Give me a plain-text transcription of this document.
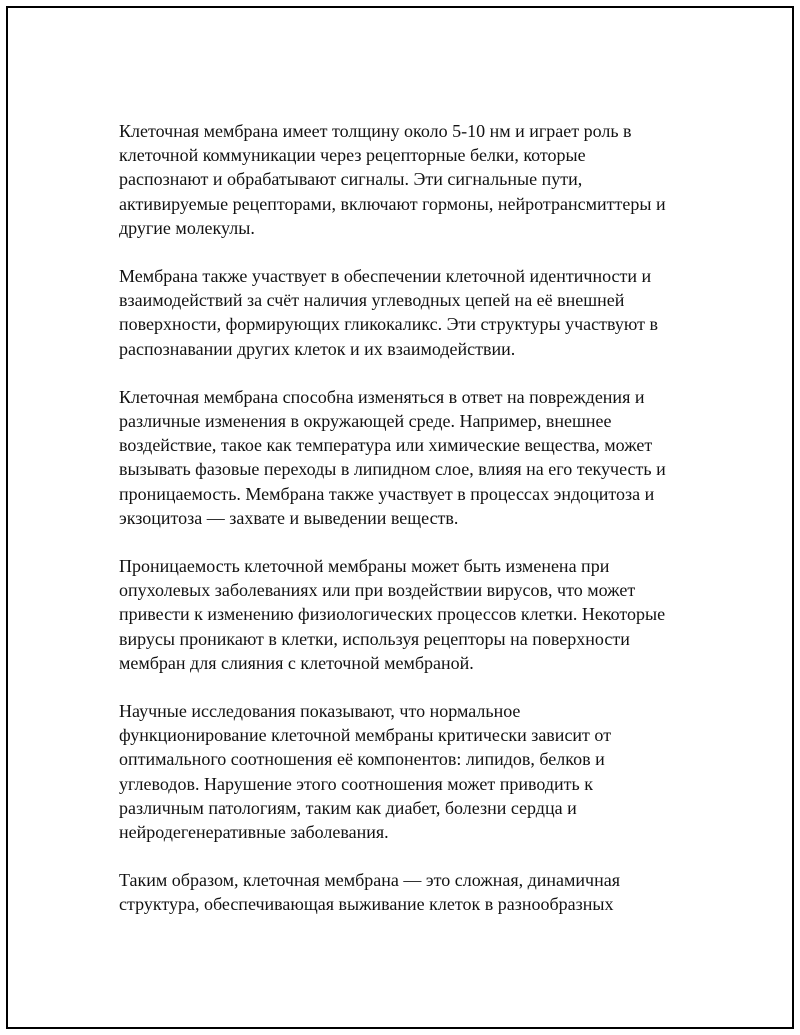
Клеточная мембрана имеет толщину около 5-10 нм и играет роль в
клеточной коммуникации через рецепторные белки, которые
распознают и обрабатывают сигналы. Эти сигнальные пути,
активируемые рецепторами, включают гормоны, нейротрансмиттеры и
другие молекулы.

Мембрана также участвует в обеспечении клеточной идентичности и
взаимодействий за счёт наличия углеводных цепей на её внешней
поверхности, формирующих гликокаликс. Эти структуры участвуют в
распознавании других клеток и их взаимодействии.

Клеточная мембрана способна изменяться в ответ на повреждения и
различные изменения в окружающей среде. Например, внешнее
воздействие, такое как температура или химические вещества, может
вызывать фазовые переходы в липидном слое, влияя на его текучесть и
проницаемость. Мембрана также участвует в процессах эндоцитоза и
экзоцитоза — захвате и выведении веществ.

Проницаемость клеточной мембраны может быть изменена при
опухолевых заболеваниях или при воздействии вирусов, что может
привести к изменению физиологических процессов клетки. Некоторые
вирусы проникают в клетки, используя рецепторы на поверхности
мембран для слияния с клеточной мембраной.

Научные исследования показывают, что нормальное
функционирование клеточной мембраны критически зависит от
оптимального соотношения её компонентов: липидов, белков и
углеводов. Нарушение этого соотношения может приводить к
различным патологиям, таким как диабет, болезни сердца и
нейродегенеративные заболевания.

Таким образом, клеточная мембрана — это сложная, динамичная
структура, обеспечивающая выживание клеток в разнообразных
